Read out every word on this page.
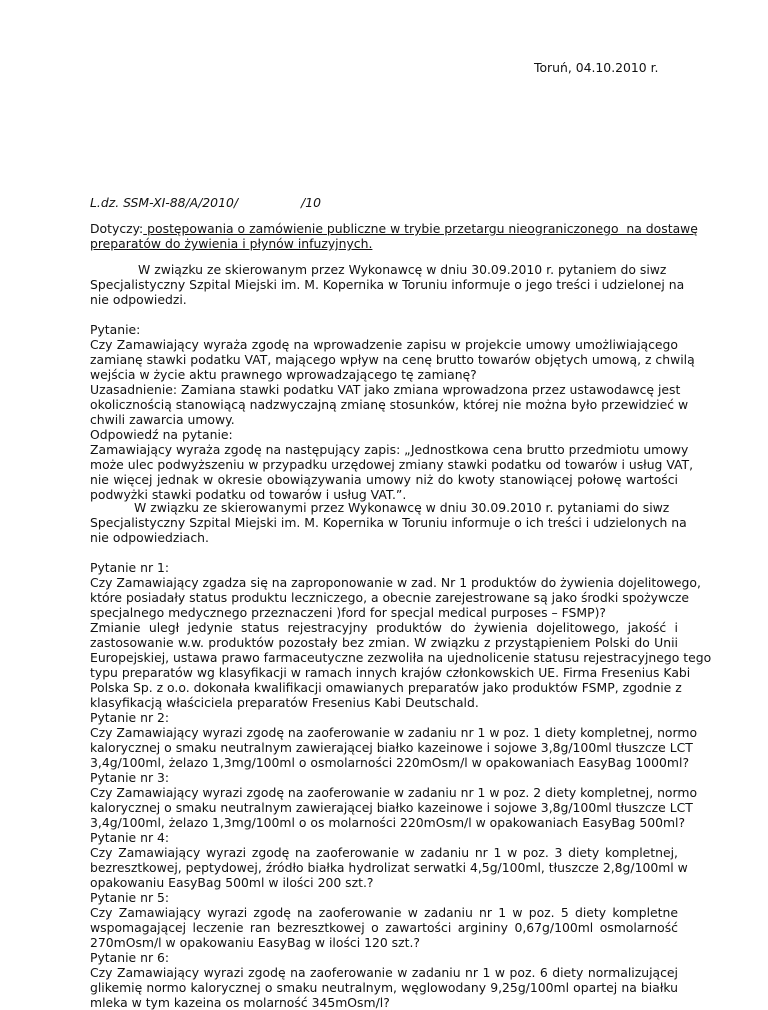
Toruń, 04.10.2010 r.
L.dz. SSM-XI-88/A/2010/	/10
Dotyczy: postępowania o zamówienie publiczne w trybie przetargu nieograniczonego  na dostawę
preparatów do żywienia i płynów infuzyjnych.
W związku ze skierowanym przez Wykonawcę w dniu 30.09.2010 r. pytaniem do siwz
Specjalistyczny Szpital Miejski im. M. Kopernika w Toruniu informuje o jego treści i udzielonej na
nie odpowiedzi.
Pytanie:
Czy Zamawiający wyraża zgodę na wprowadzenie zapisu w projekcie umowy umożliwiającego
zamianę stawki podatku VAT, mającego wpływ na cenę brutto towarów objętych umową, z chwilą
wejścia w życie aktu prawnego wprowadzającego tę zamianę?
Uzasadnienie: Zamiana stawki podatku VAT jako zmiana wprowadzona przez ustawodawcę jest
okolicznością stanowiącą nadzwyczajną zmianę stosunków, której nie można było przewidzieć w
chwili zawarcia umowy.
Odpowiedź na pytanie:
Zamawiający wyraża zgodę na następujący zapis: „Jednostkowa cena brutto przedmiotu umowy
może ulec podwyższeniu w przypadku urzędowej zmiany stawki podatku od towarów i usług VAT,
nie więcej jednak w okresie obowiązywania umowy niż do kwoty stanowiącej połowę wartości
podwyżki stawki podatku od towarów i usług VAT.”.
W związku ze skierowanymi przez Wykonawcę w dniu 30.09.2010 r. pytaniami do siwz
Specjalistyczny Szpital Miejski im. M. Kopernika w Toruniu informuje o ich treści i udzielonych na
nie odpowiedziach.
Pytanie nr 1:
Czy Zamawiający zgadza się na zaproponowanie w zad. Nr 1 produktów do żywienia dojelitowego,
które posiadały status produktu leczniczego, a obecnie zarejestrowane są jako środki spożywcze
specjalnego medycznego przeznaczeni )ford for specjal medical purposes – FSMP)?
Zmianie uległ jedynie status rejestracyjny produktów do żywienia dojelitowego, jakość i
zastosowanie w.w. produktów pozostały bez zmian. W związku z przystąpieniem Polski do Unii
Europejskiej, ustawa prawo farmaceutyczne zezwoliła na ujednolicenie statusu rejestracyjnego tego
typu preparatów wg klasyfikacji w ramach innych krajów członkowskich UE. Firma Fresenius Kabi
Polska Sp. z o.o. dokonała kwalifikacji omawianych preparatów jako produktów FSMP, zgodnie z
klasyfikacją właściciela preparatów Fresenius Kabi Deutschald.
Pytanie nr 2:
Czy Zamawiający wyrazi zgodę na zaoferowanie w zadaniu nr 1 w poz. 1 diety kompletnej, normo
kalorycznej o smaku neutralnym zawierającej białko kazeinowe i sojowe 3,8g/100ml tłuszcze LCT
3,4g/100ml, żelazo 1,3mg/100ml o osmolarności 220mOsm/l w opakowaniach EasyBag 1000ml?
Pytanie nr 3:
Czy Zamawiający wyrazi zgodę na zaoferowanie w zadaniu nr 1 w poz. 2 diety kompletnej, normo
kalorycznej o smaku neutralnym zawierającej białko kazeinowe i sojowe 3,8g/100ml tłuszcze LCT
3,4g/100ml, żelazo 1,3mg/100ml o os molarności 220mOsm/l w opakowaniach EasyBag 500ml?
Pytanie nr 4:
Czy Zamawiający wyrazi zgodę na zaoferowanie w zadaniu nr 1 w poz. 3 diety kompletnej,
bezresztkowej, peptydowej, źródło białka hydrolizat serwatki 4,5g/100ml, tłuszcze 2,8g/100ml w
opakowaniu EasyBag 500ml w ilości 200 szt.?
Pytanie nr 5:
Czy Zamawiający wyrazi zgodę na zaoferowanie w zadaniu nr 1 w poz. 5 diety kompletne
wspomagającej leczenie ran bezresztkowej o zawartości argininy 0,67g/100ml osmolarność
270mOsm/l w opakowaniu EasyBag w ilości 120 szt.?
Pytanie nr 6:
Czy Zamawiający wyrazi zgodę na zaoferowanie w zadaniu nr 1 w poz. 6 diety normalizującej
glikemię normo kalorycznej o smaku neutralnym, węglowodany 9,25g/100ml opartej na białku
mleka w tym kazeina os molarność 345mOsm/l?
